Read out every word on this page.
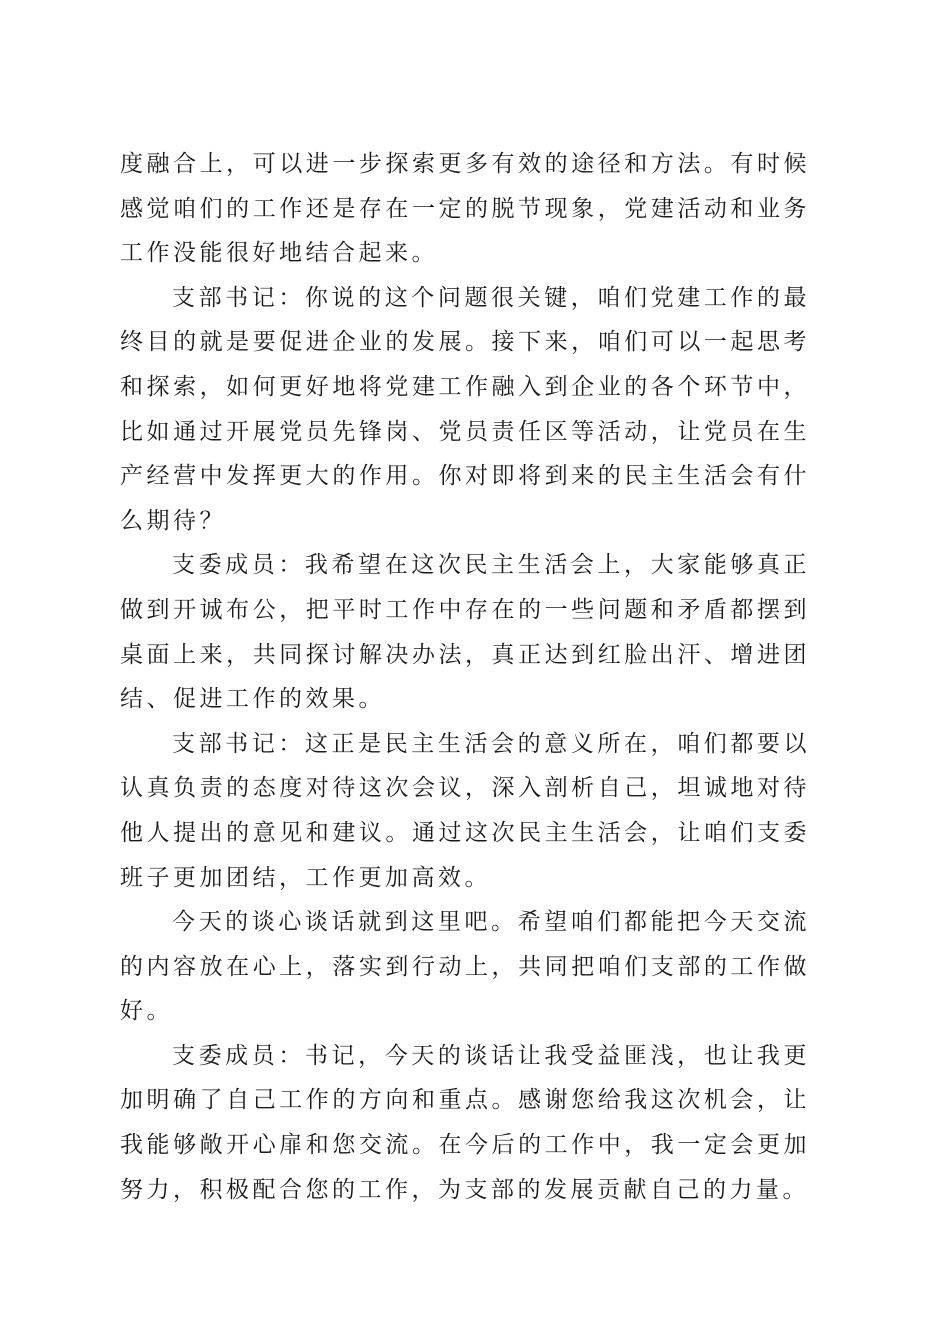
度融合上，可以进一步探索更多有效的途径和方法。有时候感觉咱们的工作还是存在一定的脱节现象，党建活动和业务工作没能很好地结合起来。

支部书记：你说的这个问题很关键，咱们党建工作的最终目的就是要促进企业的发展。接下来，咱们可以一起思考和探索，如何更好地将党建工作融入到企业的各个环节中，比如通过开展党员先锋岗、党员责任区等活动，让党员在生产经营中发挥更大的作用。你对即将到来的民主生活会有什么期待？

支委成员：我希望在这次民主生活会上，大家能够真正做到开诚布公，把平时工作中存在的一些问题和矛盾都摆到桌面上来，共同探讨解决办法，真正达到红脸出汗、增进团结、促进工作的效果。

支部书记：这正是民主生活会的意义所在，咱们都要以认真负责的态度对待这次会议，深入剖析自己，坦诚地对待他人提出的意见和建议。通过这次民主生活会，让咱们支委班子更加团结，工作更加高效。

今天的谈心谈话就到这里吧。希望咱们都能把今天交流的内容放在心上，落实到行动上，共同把咱们支部的工作做好。

支委成员：书记，今天的谈话让我受益匪浅，也让我更加明确了自己工作的方向和重点。感谢您给我这次机会，让我能够敞开心扉和您交流。在今后的工作中，我一定会更加努力，积极配合您的工作，为支部的发展贡献自己的力量。
